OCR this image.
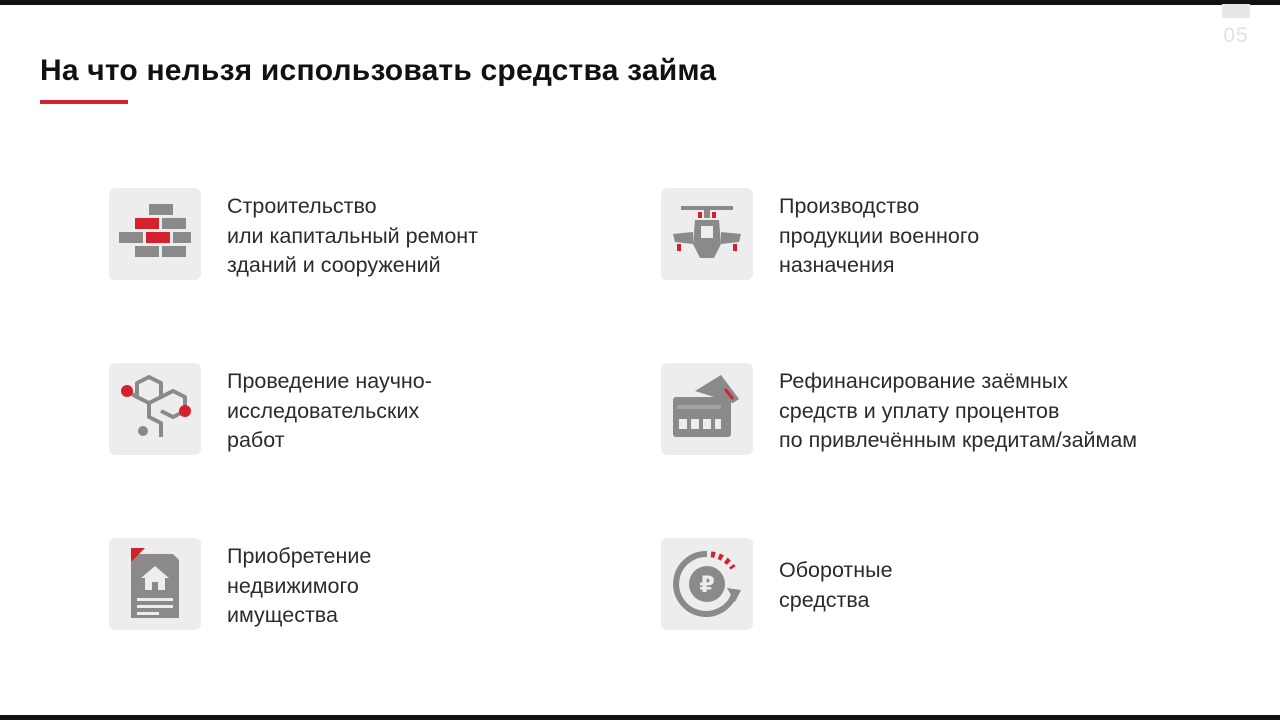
05
На что нельзя использовать средства займа

Строительство
или капитальный ремонт
зданий и сооружений

Производство
продукции военного
назначения

Проведение научно-
исследовательских
работ

Рефинансирование заёмных
средств и уплату процентов
по привлечённым кредитам/займам

Приобретение
недвижимого
имущества

₽

Оборотные
средства
